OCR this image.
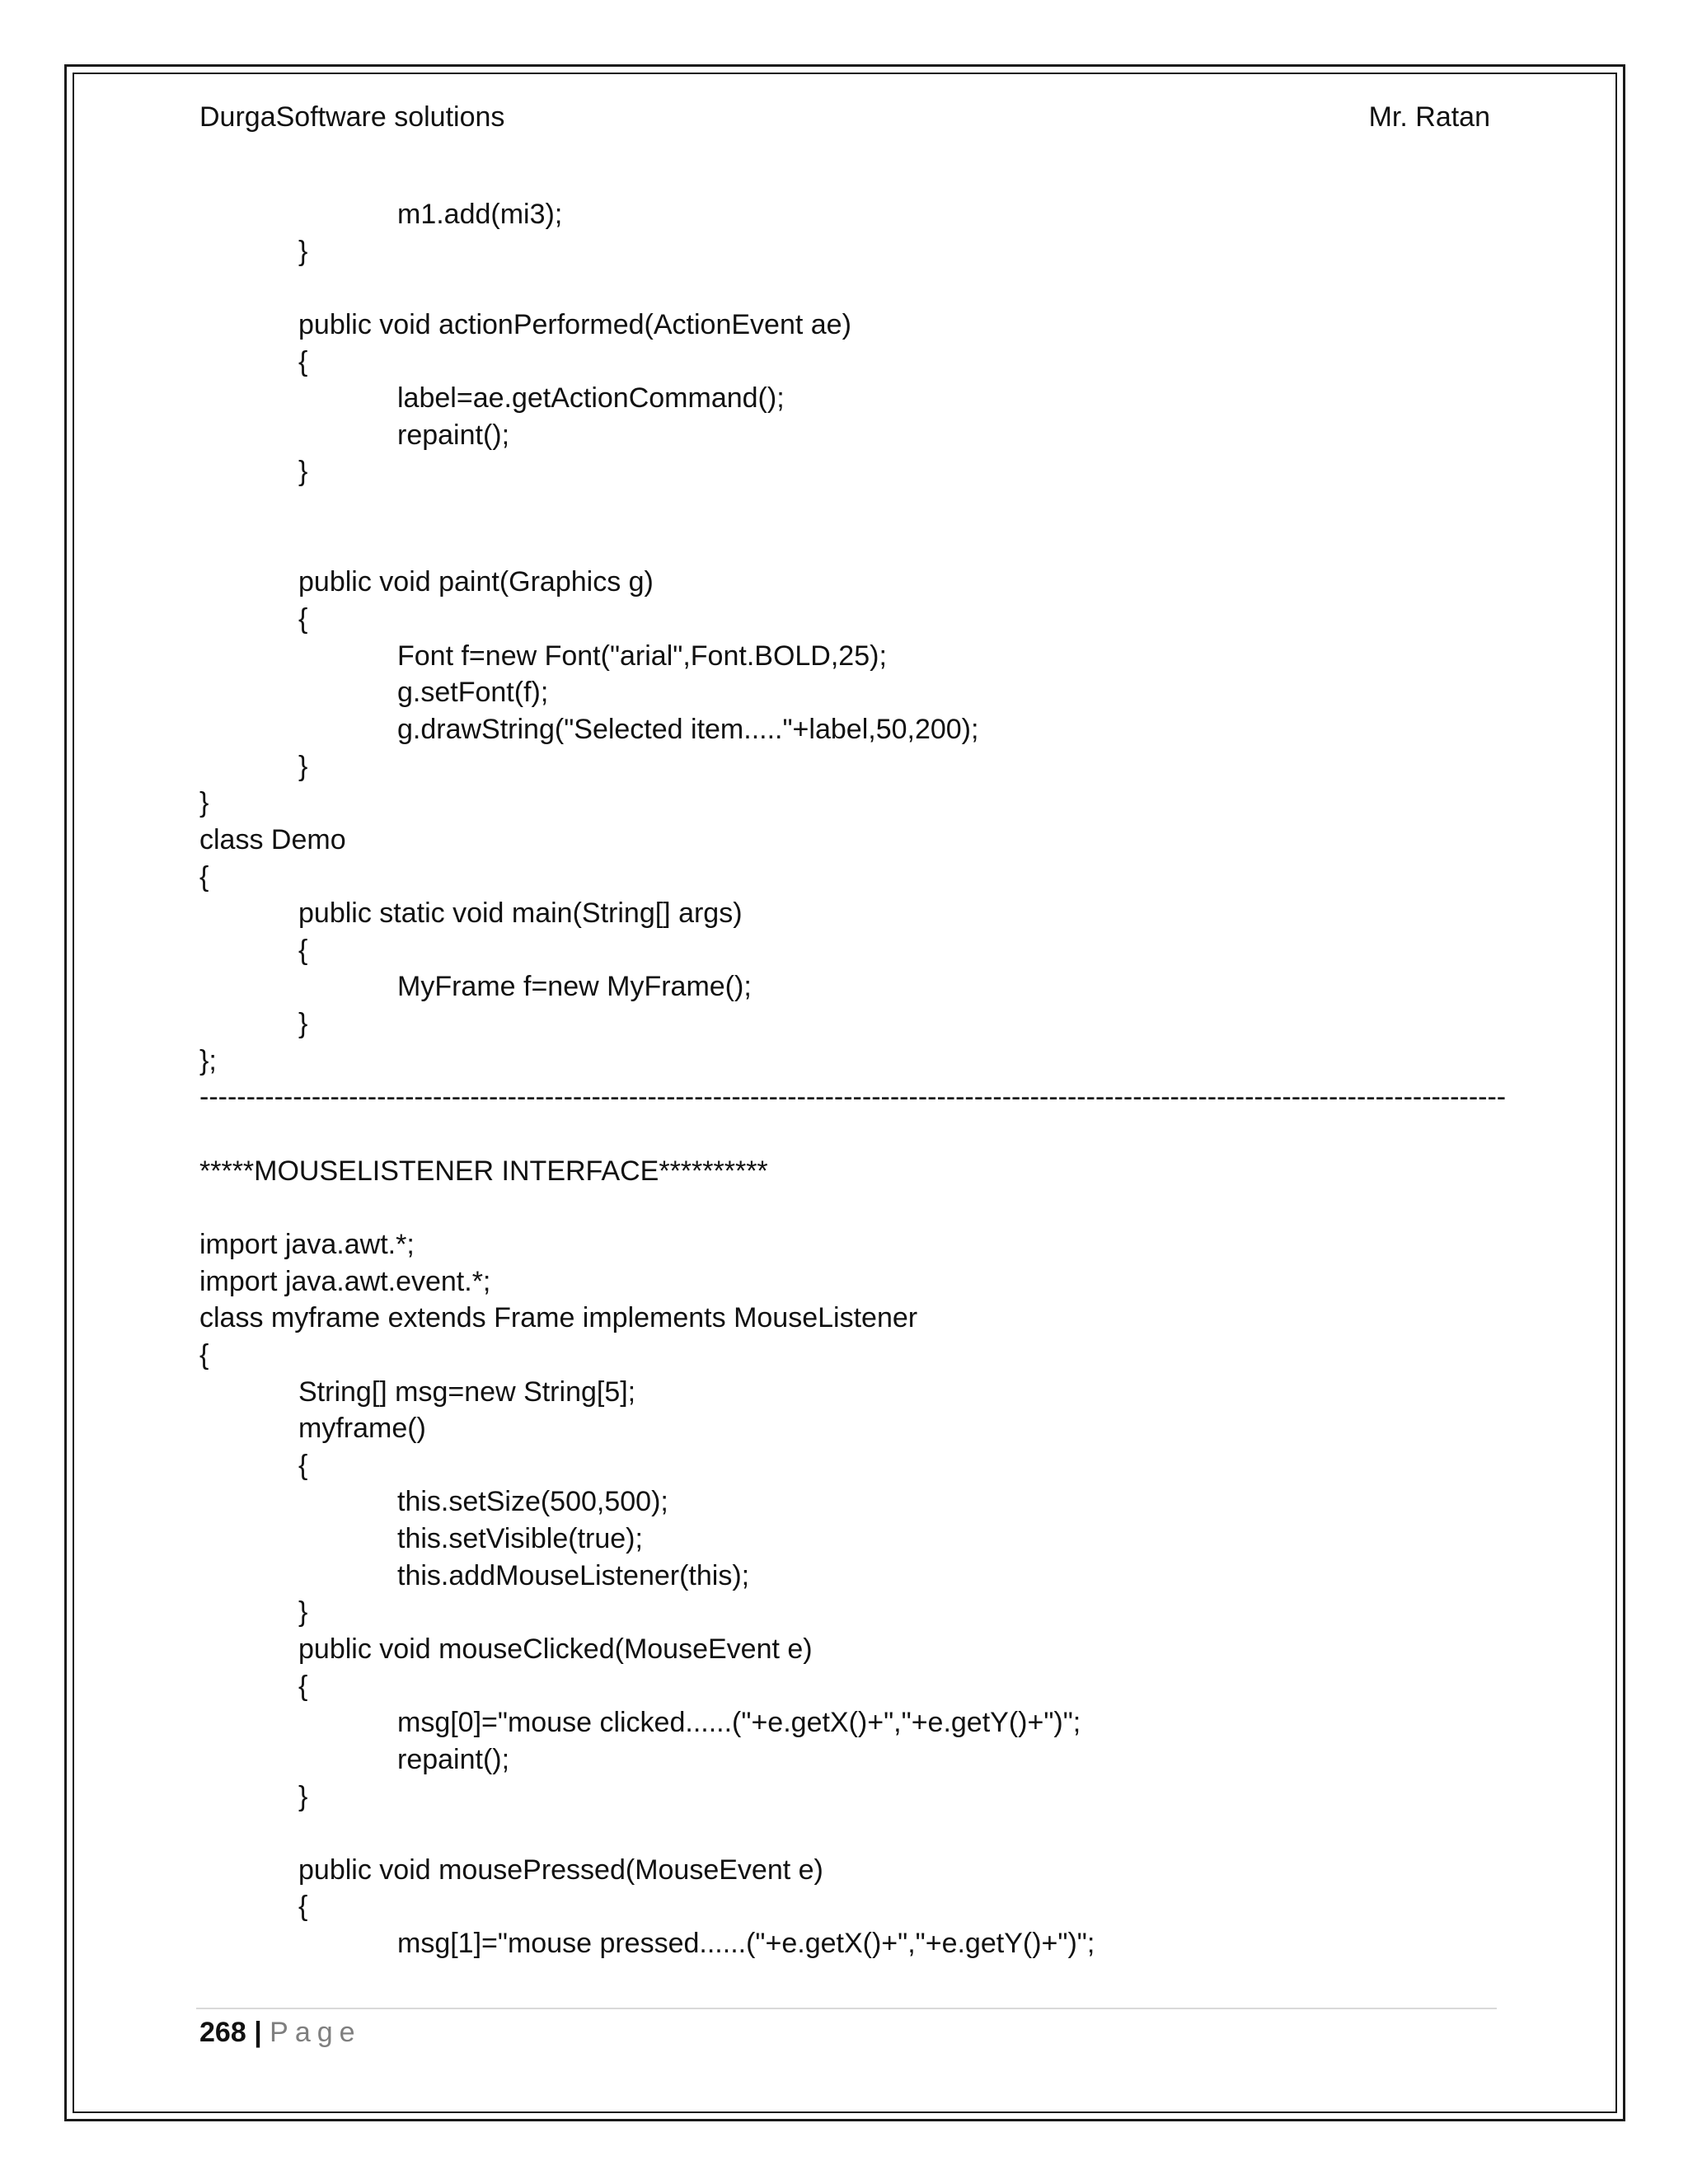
DurgaSoftware solutions	Mr. Ratan
m1.add(mi3);
}
public void actionPerformed(ActionEvent ae)
{
label=ae.getActionCommand();
repaint();
}
public void paint(Graphics g)
{
Font f=new Font("arial",Font.BOLD,25);
g.setFont(f);
g.drawString("Selected item....."+label,50,200);
}
}
class Demo
{
public static void main(String[] args)
{
MyFrame f=new MyFrame();
}
};
--------------------------------------------------------------------------------------------------------------------------------------------
*****MOUSELISTENER INTERFACE**********
import java.awt.*;
import java.awt.event.*;
class myframe extends Frame implements MouseListener
{
String[] msg=new String[5];
myframe()
{
this.setSize(500,500);
this.setVisible(true);
this.addMouseListener(this);
}
public void mouseClicked(MouseEvent e)
{
msg[0]="mouse clicked......("+e.getX()+","+e.getY()+")";
repaint();
}
public void mousePressed(MouseEvent e)
{
msg[1]="mouse pressed......("+e.getX()+","+e.getY()+")";
268 | Page
